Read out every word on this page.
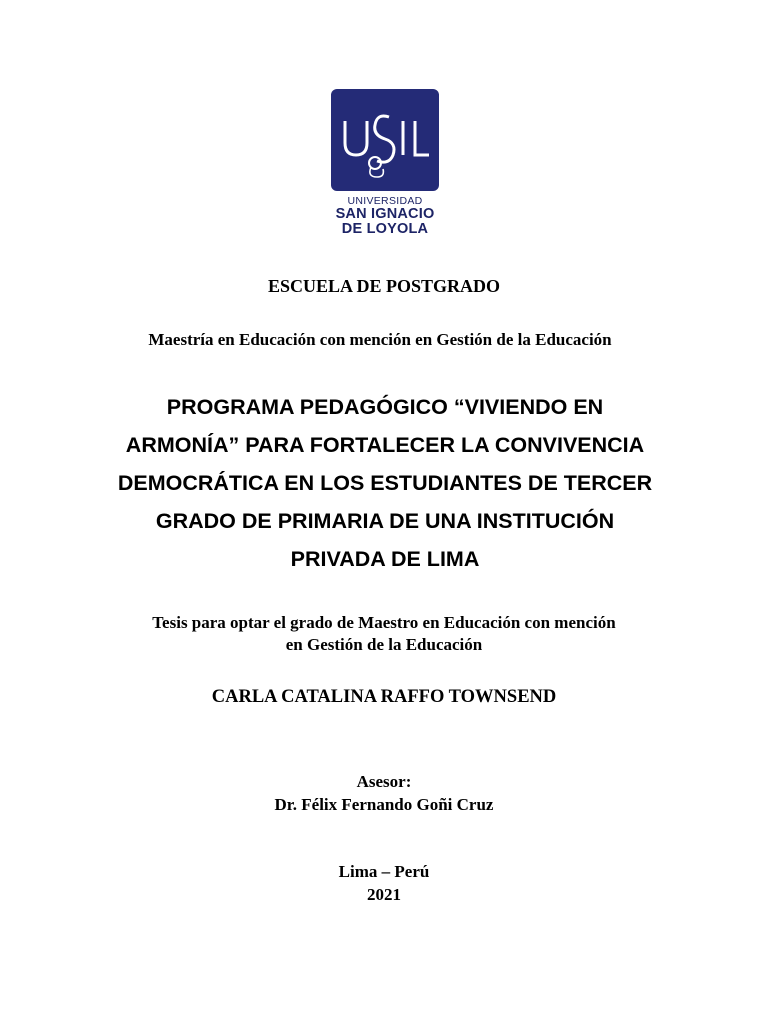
UNIVERSIDAD
SAN IGNACIO
DE LOYOLA
ESCUELA DE POSTGRADO
Maestría en Educación con mención en Gestión de la Educación
PROGRAMA PEDAGÓGICO “VIVIENDO EN
ARMONÍA” PARA FORTALECER LA CONVIVENCIA
DEMOCRÁTICA EN LOS ESTUDIANTES DE TERCER
GRADO DE PRIMARIA DE UNA INSTITUCIÓN
PRIVADA DE LIMA
Tesis para optar el grado de Maestro en Educación con mención
en Gestión de la Educación
CARLA CATALINA RAFFO TOWNSEND
Asesor:
Dr. Félix Fernando Goñi Cruz
Lima – Perú
2021
